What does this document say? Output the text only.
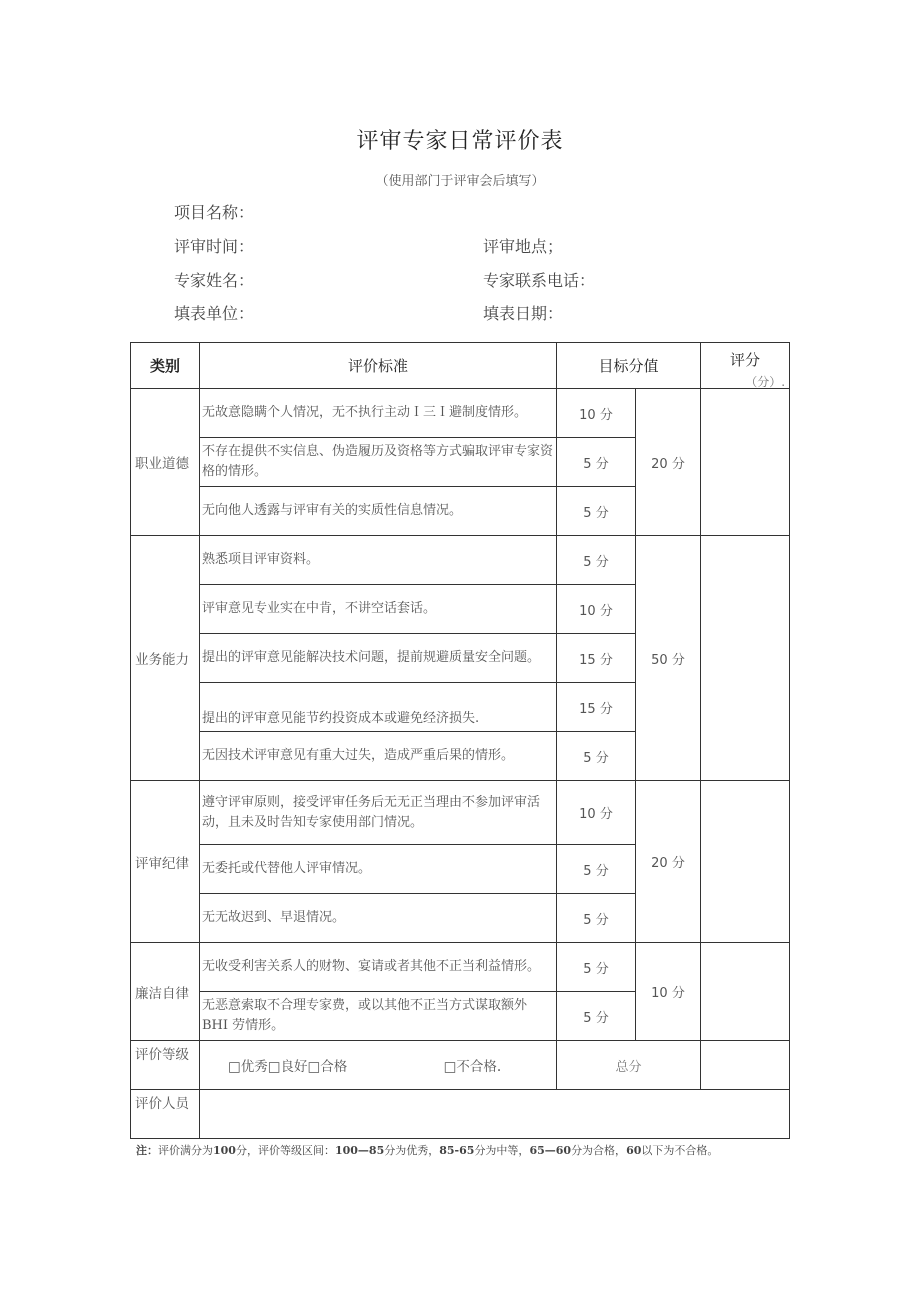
评审专家日常评价表
（使用部门于评审会后填写）
项目名称：
评审时间：	评审地点；
专家姓名：	专家联系电话：
填表单位：	填表日期：
类别	评价标准	目标分值		评分
（分）.

职业道德	无故意隐瞒个人情况，无不执行主动Ｉ三Ｉ避制度情形。	10 分	20 分	
	不存在提供不实信息、伪造履历及资格等方式骗取评审专家资格的情形。	5 分		
	无向他人透露与评审有关的实质性信息情况。	5 分		
业务能力	熟悉项目评审资料。	5 分	50 分	
	评审意见专业实在中肯，不讲空话套话。	10 分		
	提出的评审意见能解决技术问题，提前规避质量安全问题。	15 分		
	提出的评审意见能节约投资成本或避免经济损失.	15 分		
	无因技术评审意见有重大过失，造成严重后果的情形。	5 分		
评审纪律	遵守评审原则，接受评审任务后无无正当理由不参加评审活动，且未及时告知专家使用部门情况。	10 分	20 分	
	无委托或代替他人评审情况。	5 分		
	无无故迟到、早退情况。	5 分		
廉洁自律	无收受利害关系人的财物、宴请或者其他不正当利益情形。	5 分	10 分	
	无恶意索取不合理专家费，或以其他不正当方式谋取额外 BHI 劳情形。	5 分		
评价等级	□优秀□良好□合格 □不合格.	总分		
评价人员				
注：评价满分为100分，评价等级区间：100—85分为优秀，85-65分为中等，65—60分为合格，60以下为不合格。
